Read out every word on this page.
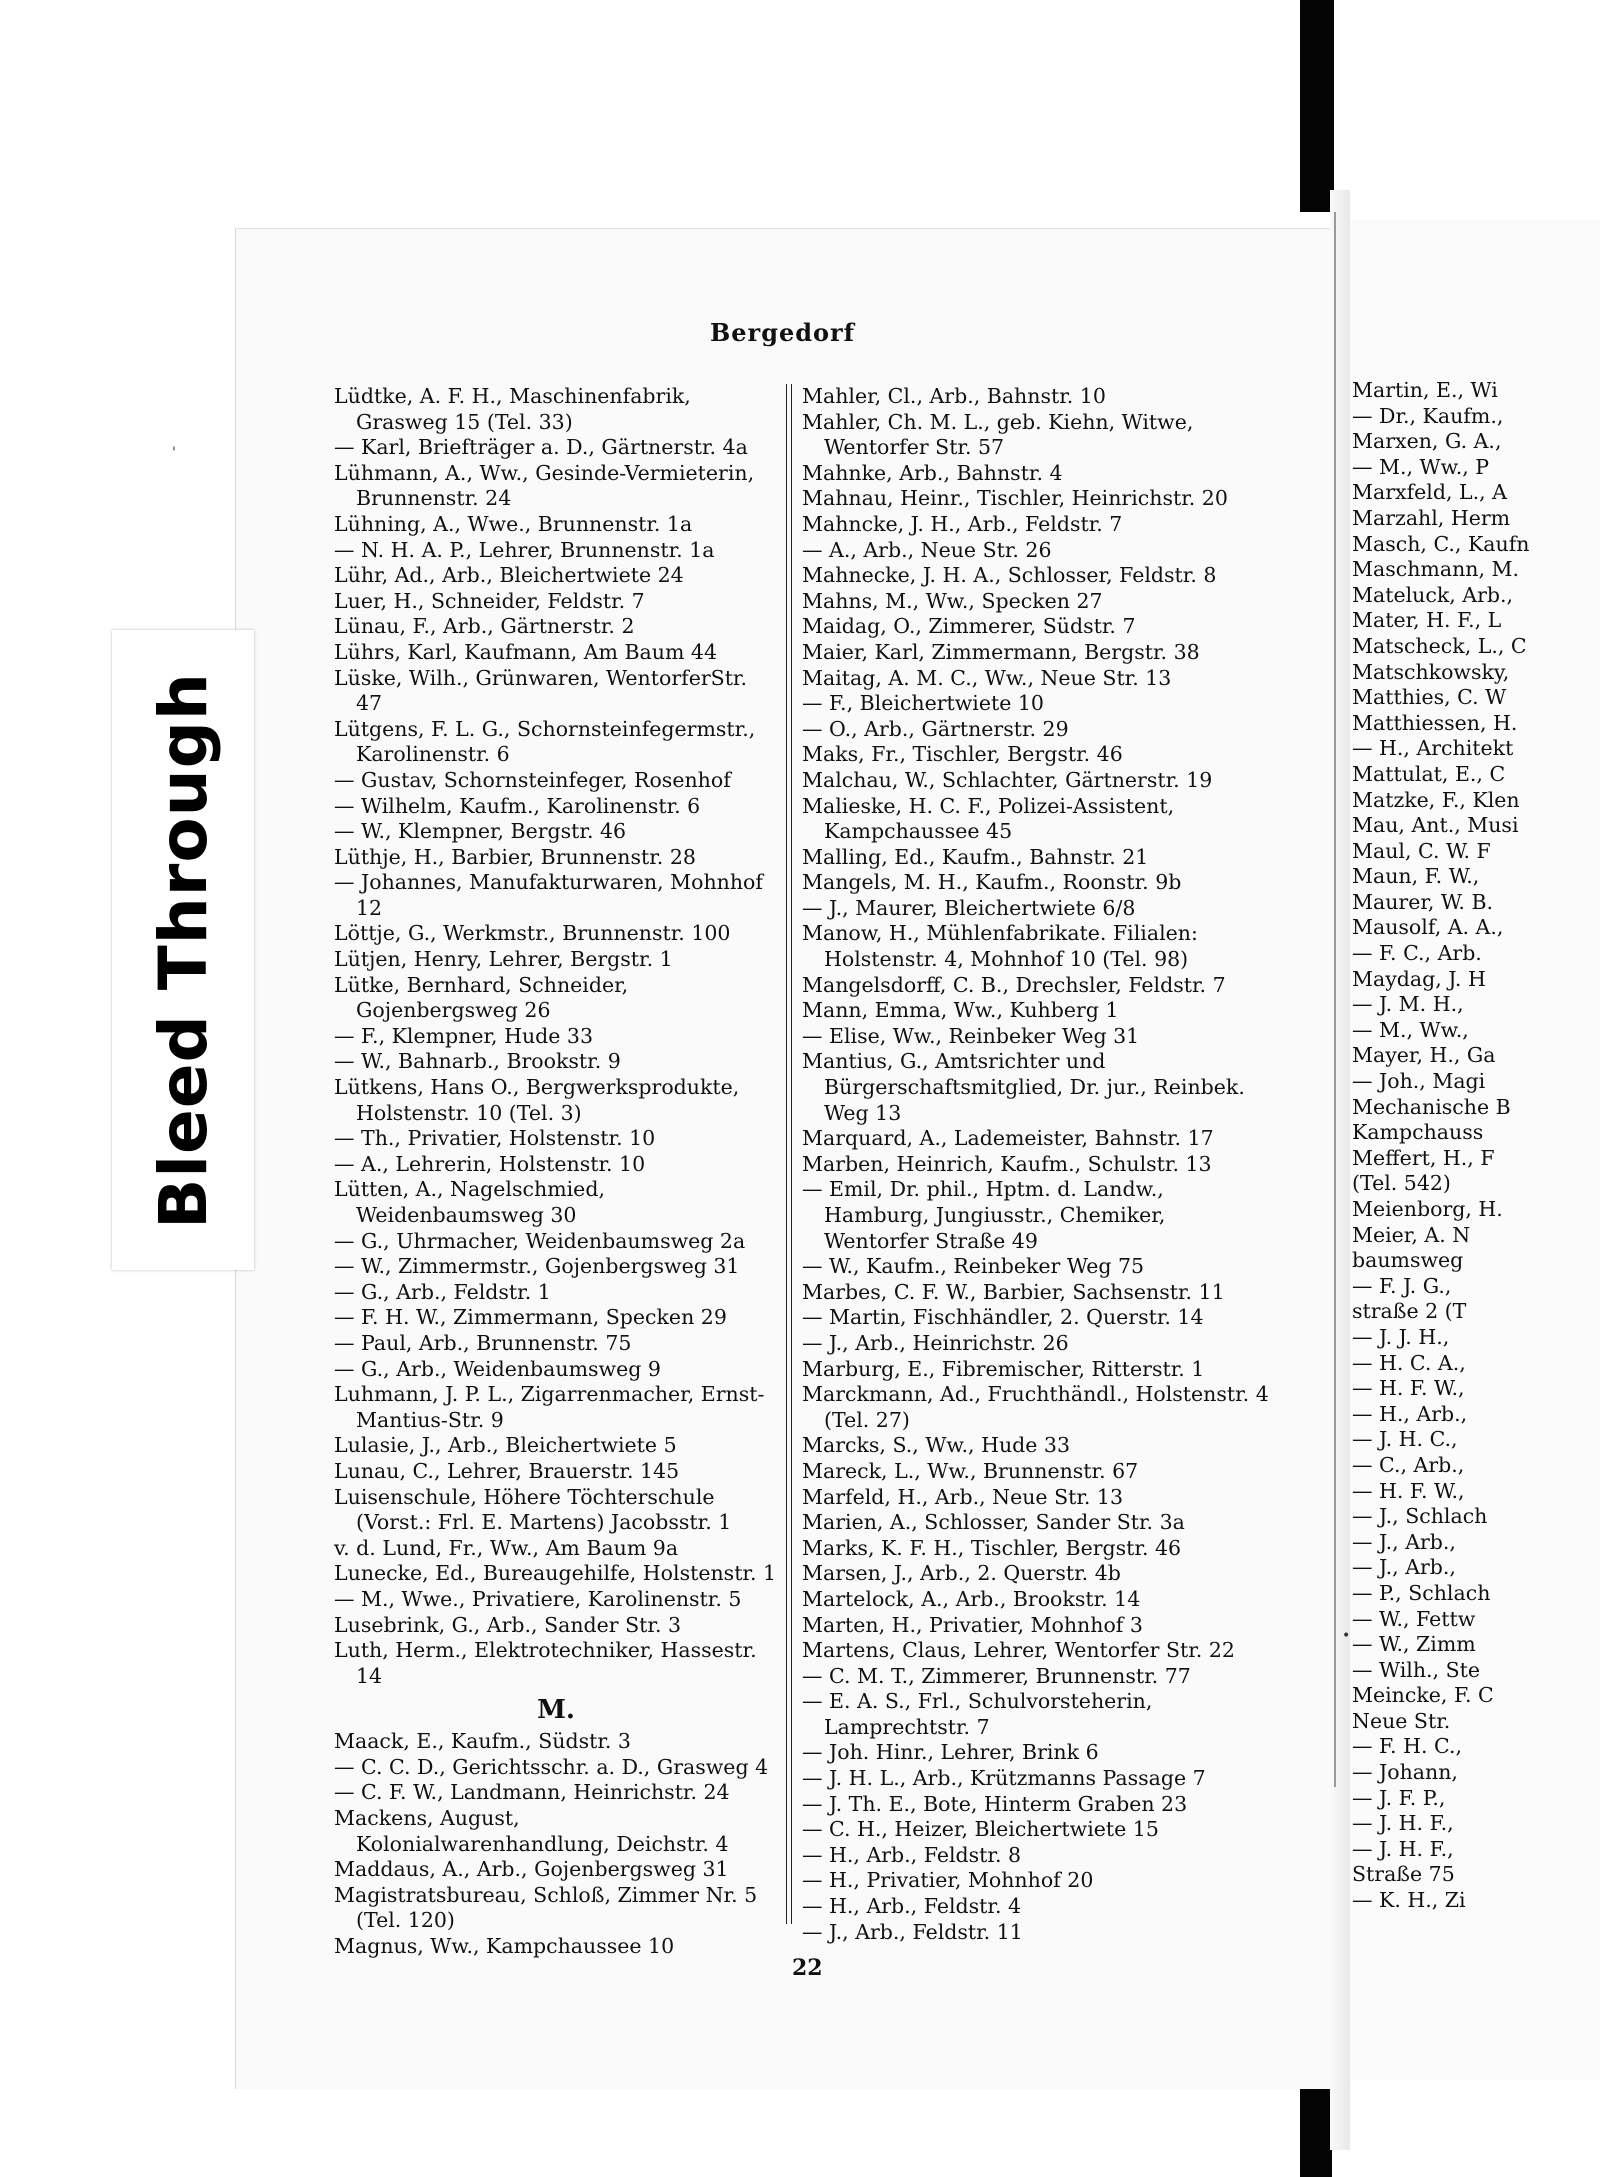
Martin, E., Wi
— Dr., Kaufm.,
Marxen, G. A.,
— M., Ww., P
Marxfeld, L., A
Marzahl, Herm
Masch, C., Kaufn
Maschmann, M.
Mateluck, Arb.,
Mater, H. F., L
Matscheck, L., C
Matschkowsky,
Matthies, C. W
Matthiessen, H.
— H., Architekt
Mattulat, E., C
Matzke, F., Klen
Mau, Ant., Musi
Maul, C. W. F
Maun, F. W.,
Maurer, W. B.
Mausolf, A. A.,
— F. C., Arb.
Maydag, J. H
— J. M. H.,
— M., Ww.,
Mayer, H., Ga
— Joh., Magi
Mechanische B
Kampchauss
Meffert, H., F
(Tel. 542)
Meienborg, H.
Meier, A. N
baumsweg
— F. J. G.,
straße 2 (T
— J. J. H.,
— H. C. A.,
— H. F. W.,
— H., Arb.,
— J. H. C.,
— C., Arb.,
— H. F. W.,
— J., Schlach
— J., Arb.,
— J., Arb.,
— P., Schlach
— W., Fettw
— W., Zimm
— Wilh., Ste
Meincke, F. C
Neue Str.
— F. H. C.,
— Johann,
— J. F. P.,
— J. H. F.,
— J. H. F.,
Straße 75
— K. H., Zi
Bleed Through
Bergedorf
'
•
Lüdtke, A. F. H., Maschinenfabrik, Grasweg 15 (Tel. 33)
— Karl, Briefträger a. D., Gärtnerstr. 4a
Lühmann, A., Ww., Gesinde-Vermieterin, Brunnenstr. 24
Lühning, A., Wwe., Brunnenstr. 1a
— N. H. A. P., Lehrer, Brunnenstr. 1a
Lühr, Ad., Arb., Bleichertwiete 24
Luer, H., Schneider, Feldstr. 7
Lünau, F., Arb., Gärtnerstr. 2
Lührs, Karl, Kaufmann, Am Baum 44
Lüske, Wilh., Grünwaren, WentorferStr. 47
Lütgens, F. L. G., Schornsteinfegermstr., Karolinenstr. 6
— Gustav, Schornsteinfeger, Rosenhof
— Wilhelm, Kaufm., Karolinenstr. 6
— W., Klempner, Bergstr. 46
Lüthje, H., Barbier, Brunnenstr. 28
— Johannes, Manufakturwaren, Mohnhof 12
Löttje, G., Werkmstr., Brunnenstr. 100
Lütjen, Henry, Lehrer, Bergstr. 1
Lütke, Bernhard, Schneider, Gojenbergsweg 26
— F., Klempner, Hude 33
— W., Bahnarb., Brookstr. 9
Lütkens, Hans O., Bergwerksprodukte, Holstenstr. 10 (Tel. 3)
— Th., Privatier, Holstenstr. 10
— A., Lehrerin, Holstenstr. 10
Lütten, A., Nagelschmied, Weidenbaumsweg 30
— G., Uhrmacher, Weidenbaumsweg 2a
— W., Zimmermstr., Gojenbergsweg 31
— G., Arb., Feldstr. 1
— F. H. W., Zimmermann, Specken 29
— Paul, Arb., Brunnenstr. 75
— G., Arb., Weidenbaumsweg 9
Luhmann, J. P. L., Zigarrenmacher, Ernst-Mantius-Str. 9
Lulasie, J., Arb., Bleichertwiete 5
Lunau, C., Lehrer, Brauerstr. 145
Luisenschule, Höhere Töchterschule (Vorst.: Frl. E. Martens) Jacobsstr. 1
v. d. Lund, Fr., Ww., Am Baum 9a
Lunecke, Ed., Bureaugehilfe, Holstenstr. 1
— M., Wwe., Privatiere, Karolinenstr. 5
Lusebrink, G., Arb., Sander Str. 3
Luth, Herm., Elektrotechniker, Hassestr. 14
M.
Maack, E., Kaufm., Südstr. 3
— C. C. D., Gerichtsschr. a. D., Grasweg 4
— C. F. W., Landmann, Heinrichstr. 24
Mackens, August, Kolonialwarenhandlung, Deichstr. 4
Maddaus, A., Arb., Gojenbergsweg 31
Magistratsbureau, Schloß, Zimmer Nr. 5 (Tel. 120)
Magnus, Ww., Kampchaussee 10
Mahler, Cl., Arb., Bahnstr. 10
Mahler, Ch. M. L., geb. Kiehn, Witwe, Wentorfer Str. 57
Mahnke, Arb., Bahnstr. 4
Mahnau, Heinr., Tischler, Heinrichstr. 20
Mahncke, J. H., Arb., Feldstr. 7
— A., Arb., Neue Str. 26
Mahnecke, J. H. A., Schlosser, Feldstr. 8
Mahns, M., Ww., Specken 27
Maidag, O., Zimmerer, Südstr. 7
Maier, Karl, Zimmermann, Bergstr. 38
Maitag, A. M. C., Ww., Neue Str. 13
— F., Bleichertwiete 10
— O., Arb., Gärtnerstr. 29
Maks, Fr., Tischler, Bergstr. 46
Malchau, W., Schlachter, Gärtnerstr. 19
Malieske, H. C. F., Polizei-Assistent, Kampchaussee 45
Malling, Ed., Kaufm., Bahnstr. 21
Mangels, M. H., Kaufm., Roonstr. 9b
— J., Maurer, Bleichertwiete 6/8
Manow, H., Mühlenfabrikate. Filialen: Holstenstr. 4, Mohnhof 10 (Tel. 98)
Mangelsdorff, C. B., Drechsler, Feldstr. 7
Mann, Emma, Ww., Kuhberg 1
— Elise, Ww., Reinbeker Weg 31
Mantius, G., Amtsrichter und Bürgerschaftsmitglied, Dr. jur., Reinbek. Weg 13
Marquard, A., Lademeister, Bahnstr. 17
Marben, Heinrich, Kaufm., Schulstr. 13
— Emil, Dr. phil., Hptm. d. Landw., Hamburg, Jungiusstr., Chemiker, Wentorfer Straße 49
— W., Kaufm., Reinbeker Weg 75
Marbes, C. F. W., Barbier, Sachsenstr. 11
— Martin, Fischhändler, 2. Querstr. 14
— J., Arb., Heinrichstr. 26
Marburg, E., Fibremischer, Ritterstr. 1
Marckmann, Ad., Fruchthändl., Holstenstr. 4 (Tel. 27)
Marcks, S., Ww., Hude 33
Mareck, L., Ww., Brunnenstr. 67
Marfeld, H., Arb., Neue Str. 13
Marien, A., Schlosser, Sander Str. 3a
Marks, K. F. H., Tischler, Bergstr. 46
Marsen, J., Arb., 2. Querstr. 4b
Martelock, A., Arb., Brookstr. 14
Marten, H., Privatier, Mohnhof 3
Martens, Claus, Lehrer, Wentorfer Str. 22
— C. M. T., Zimmerer, Brunnenstr. 77
— E. A. S., Frl., Schulvorsteherin, Lamprechtstr. 7
— Joh. Hinr., Lehrer, Brink 6
— J. H. L., Arb., Krützmanns Passage 7
— J. Th. E., Bote, Hinterm Graben 23
— C. H., Heizer, Bleichertwiete 15
— H., Arb., Feldstr. 8
— H., Privatier, Mohnhof 20
— H., Arb., Feldstr. 4
— J., Arb., Feldstr. 11
22
